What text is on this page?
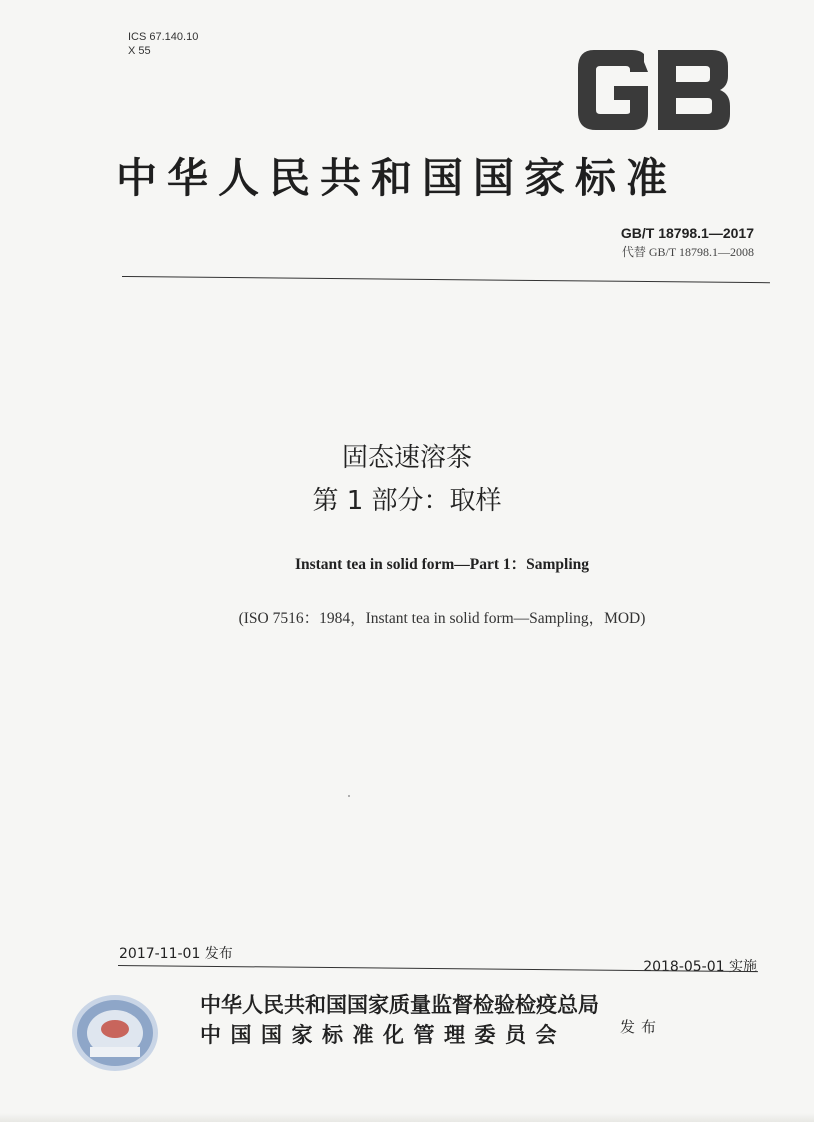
ICS 67.140.10
X 55
中华人民共和国国家标准
GB/T 18798.1—2017
代替 GB/T 18798.1—2008
固态速溶茶
第 1 部分：取样
Instant tea in solid form—Part 1：Sampling
(ISO 7516：1984，Instant tea in solid form—Sampling，MOD)
2017-11-01 发布
2018-05-01 实施
中华人民共和国国家质量监督检验检疫总局
中国国家标准化管理委员会	发布
